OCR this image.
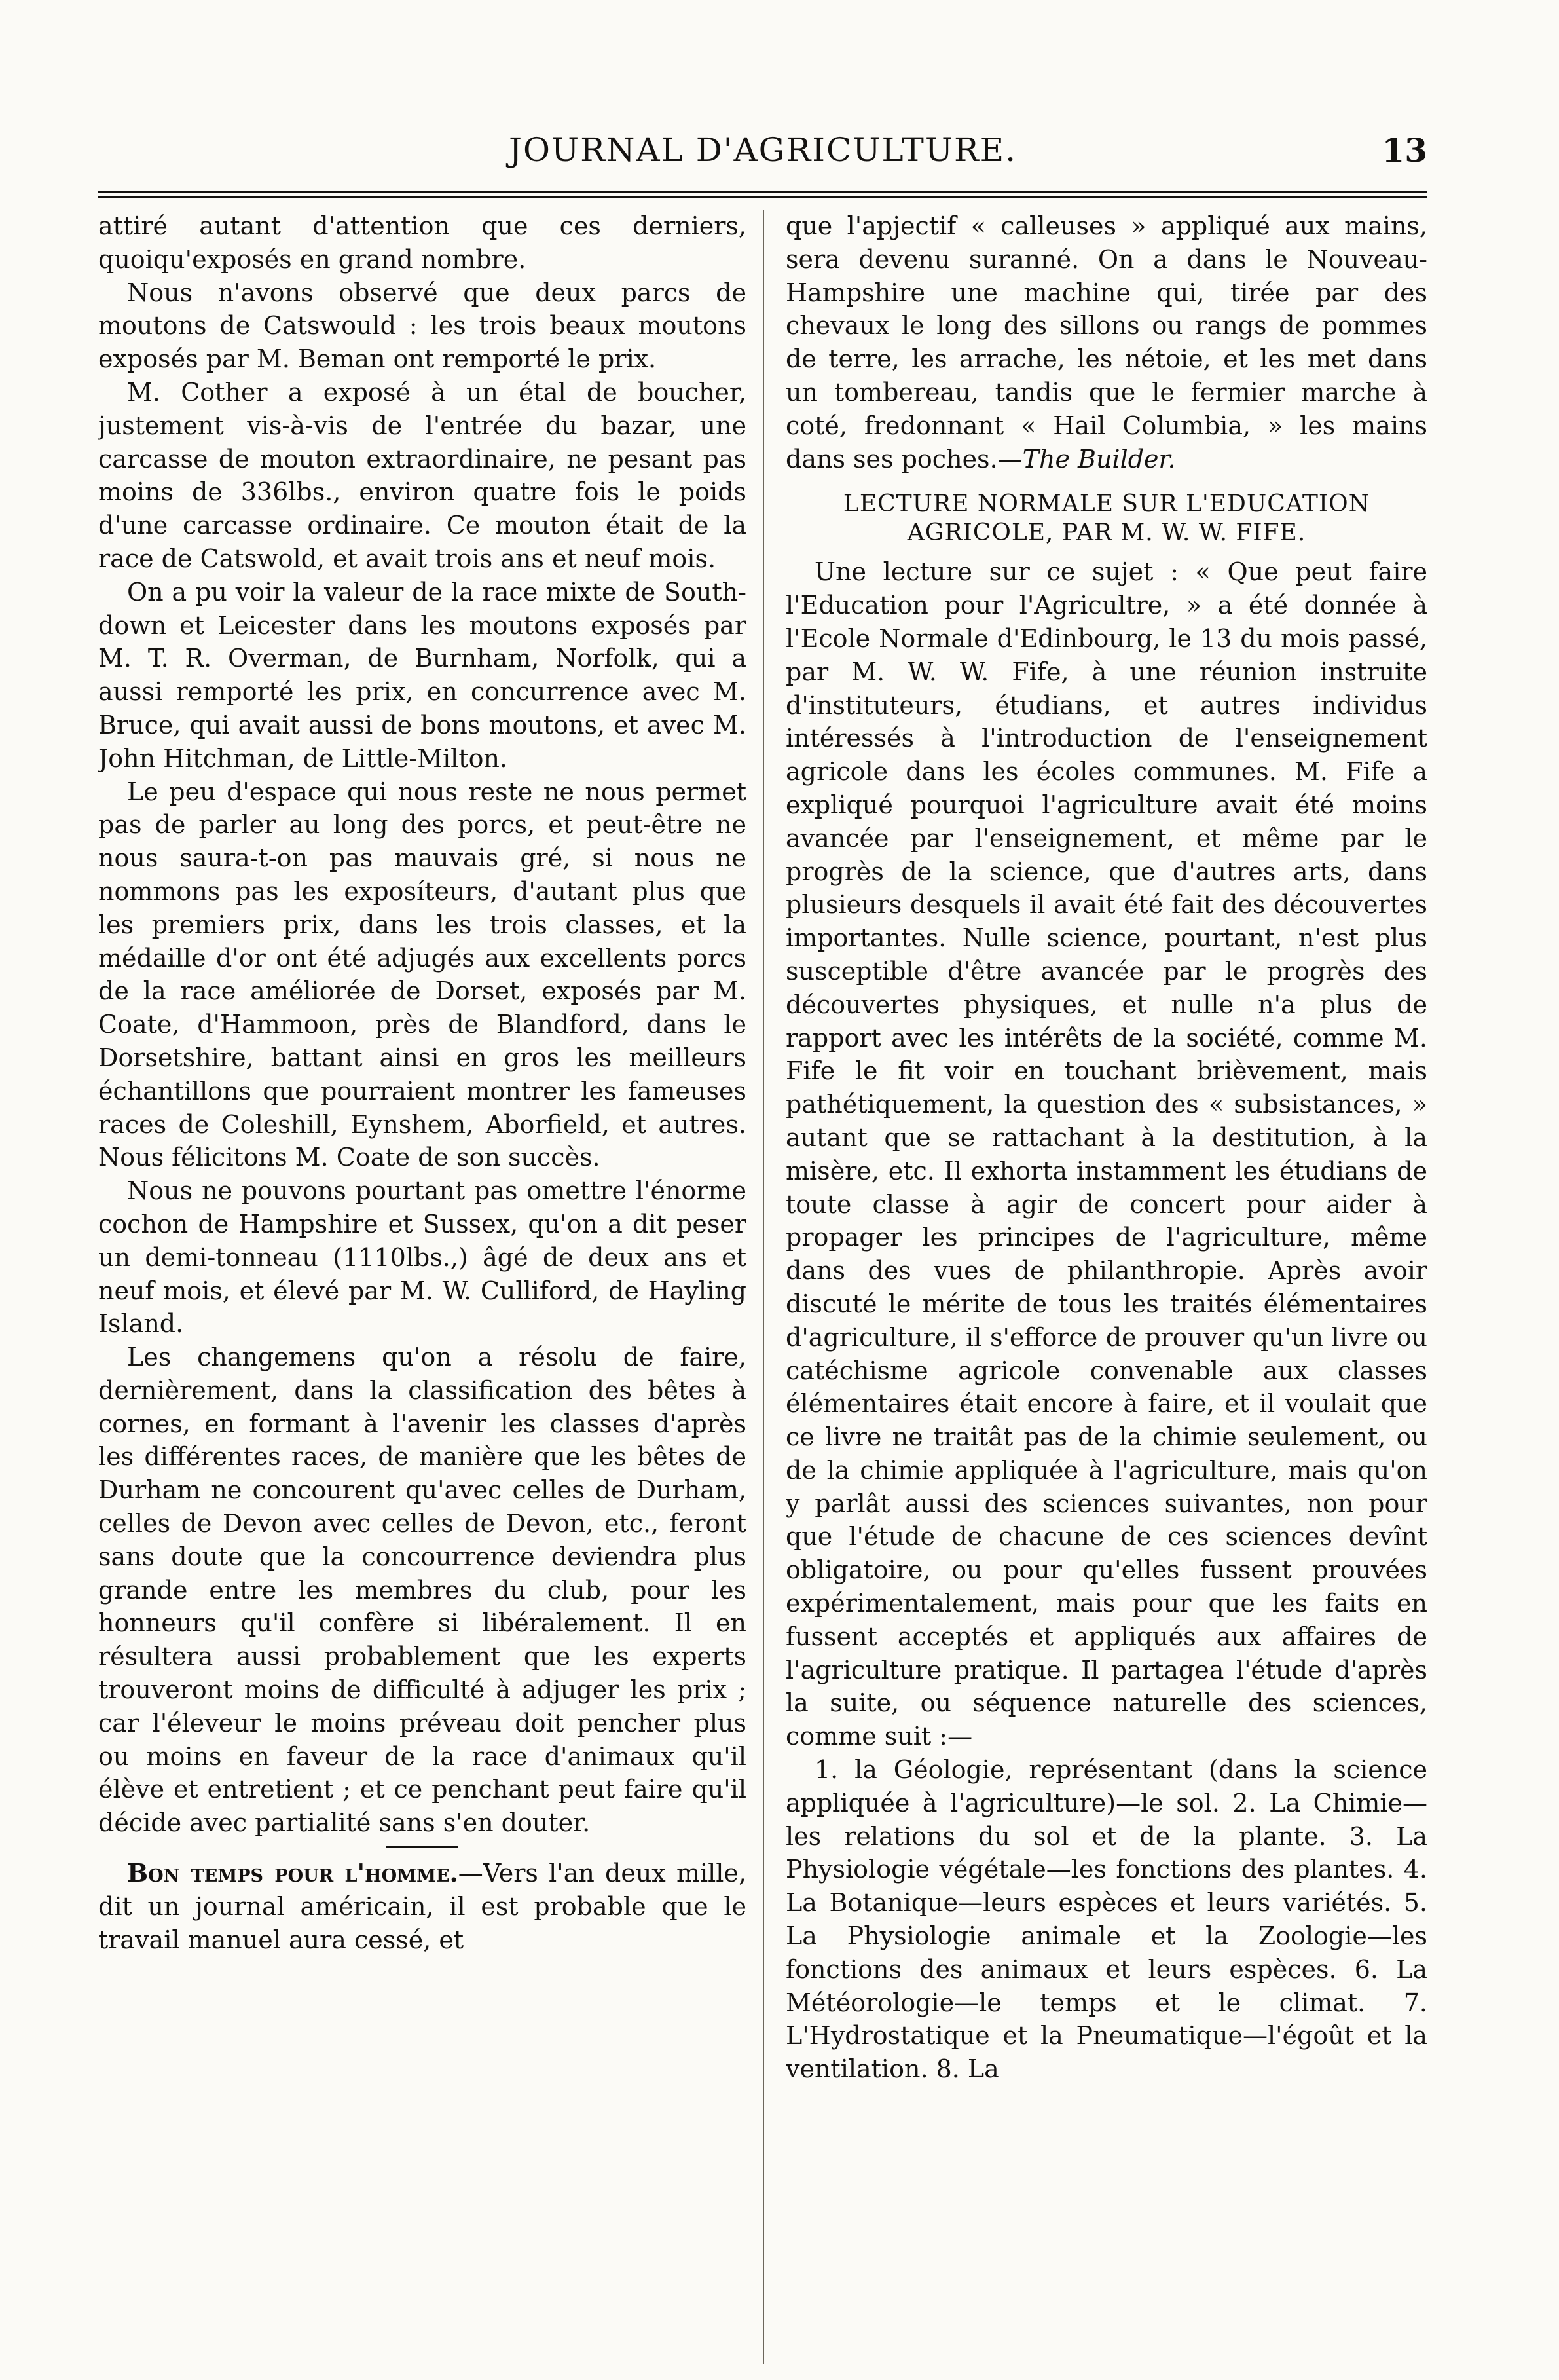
JOURNAL D'AGRICULTURE.	13

attiré autant d'attention que ces derniers, quoiqu'exposés en grand nombre.

Nous n'avons observé que deux parcs de moutons de Catswould : les trois beaux moutons exposés par M. Beman ont remporté le prix.

M. Cother a exposé à un étal de boucher, justement vis-à-vis de l'entrée du bazar, une carcasse de mouton extraordinaire, ne pesant pas moins de 336lbs., environ quatre fois le poids d'une carcasse ordinaire. Ce mouton était de la race de Catswold, et avait trois ans et neuf mois.

On a pu voir la valeur de la race mixte de South-down et Leicester dans les moutons exposés par M. T. R. Overman, de Burnham, Norfolk, qui a aussi remporté les prix, en concurrence avec M. Bruce, qui avait aussi de bons moutons, et avec M. John Hitchman, de Little-Milton.

Le peu d'espace qui nous reste ne nous permet pas de parler au long des porcs, et peut-être ne nous saura-t-on pas mauvais gré, si nous ne nommons pas les exposíteurs, d'autant plus que les premiers prix, dans les trois classes, et la médaille d'or ont été adjugés aux excellents porcs de la race améliorée de Dorset, exposés par M. Coate, d'Hammoon, près de Blandford, dans le Dorsetshire, battant ainsi en gros les meilleurs échantillons que pourraient montrer les fameuses races de Coleshill, Eynshem, Aborfield, et autres. Nous félicitons M. Coate de son succès.

Nous ne pouvons pourtant pas omettre l'énorme cochon de Hampshire et Sussex, qu'on a dit peser un demi-tonneau (1110lbs.,) âgé de deux ans et neuf mois, et élevé par M. W. Culliford, de Hayling Island.

Les changemens qu'on a résolu de faire, dernièrement, dans la classification des bêtes à cornes, en formant à l'avenir les classes d'après les différentes races, de manière que les bêtes de Durham ne concourent qu'avec celles de Durham, celles de Devon avec celles de Devon, etc., feront sans doute que la concourrence deviendra plus grande entre les membres du club, pour les honneurs qu'il confère si libéralement. Il en résultera aussi probablement que les experts trouveront moins de difficulté à adjuger les prix ; car l'éleveur le moins préveau doit pencher plus ou moins en faveur de la race d'animaux qu'il élève et entretient ; et ce penchant peut faire qu'il décide avec partialité sans s'en douter.

Bon temps pour l'homme.—Vers l'an deux mille, dit un journal américain, il est probable que le travail manuel aura cessé, et

que l'apjectif « calleuses » appliqué aux mains, sera devenu suranné. On a dans le Nouveau-Hampshire une machine qui, tirée par des chevaux le long des sillons ou rangs de pommes de terre, les arrache, les nétoie, et les met dans un tombereau, tandis que le fermier marche à coté, fredonnant « Hail Columbia, » les mains dans ses poches.—The Builder.

LECTURE NORMALE SUR L'EDUCATION
AGRICOLE, PAR M. W. W. FIFE.

Une lecture sur ce sujet : « Que peut faire l'Education pour l'Agricultre, » a été donnée à l'Ecole Normale d'Edinbourg, le 13 du mois passé, par M. W. W. Fife, à une réunion instruite d'instituteurs, étudians, et autres individus intéressés à l'introduction de l'enseignement agricole dans les écoles communes. M. Fife a expliqué pourquoi l'agriculture avait été moins avancée par l'enseignement, et même par le progrès de la science, que d'autres arts, dans plusieurs desquels il avait été fait des découvertes importantes. Nulle science, pourtant, n'est plus susceptible d'être avancée par le progrès des découvertes physiques, et nulle n'a plus de rapport avec les intérêts de la société, comme M. Fife le fit voir en touchant brièvement, mais pathétiquement, la question des « subsistances, » autant que se rattachant à la destitution, à la misère, etc. Il exhorta instamment les étudians de toute classe à agir de concert pour aider à propager les principes de l'agriculture, même dans des vues de philanthropie. Après avoir discuté le mérite de tous les traités élémentaires d'agriculture, il s'efforce de prouver qu'un livre ou catéchisme agricole convenable aux classes élémentaires était encore à faire, et il voulait que ce livre ne traitât pas de la chimie seulement, ou de la chimie appliquée à l'agriculture, mais qu'on y parlât aussi des sciences suivantes, non pour que l'étude de chacune de ces sciences devînt obligatoire, ou pour qu'elles fussent prouvées expérimentalement, mais pour que les faits en fussent acceptés et appliqués aux affaires de l'agriculture pratique. Il partagea l'étude d'après la suite, ou séquence naturelle des sciences, comme suit :—

1. la Géologie, représentant (dans la science appliquée à l'agriculture)—le sol. 2. La Chimie—les relations du sol et de la plante. 3. La Physiologie végétale—les fonctions des plantes. 4. La Botanique—leurs espèces et leurs variétés. 5. La Physiologie animale et la Zoologie—les fonctions des animaux et leurs espèces. 6. La Météorologie—le temps et le climat. 7. L'Hydrostatique et la Pneumatique—l'égoût et la ventilation. 8. La
